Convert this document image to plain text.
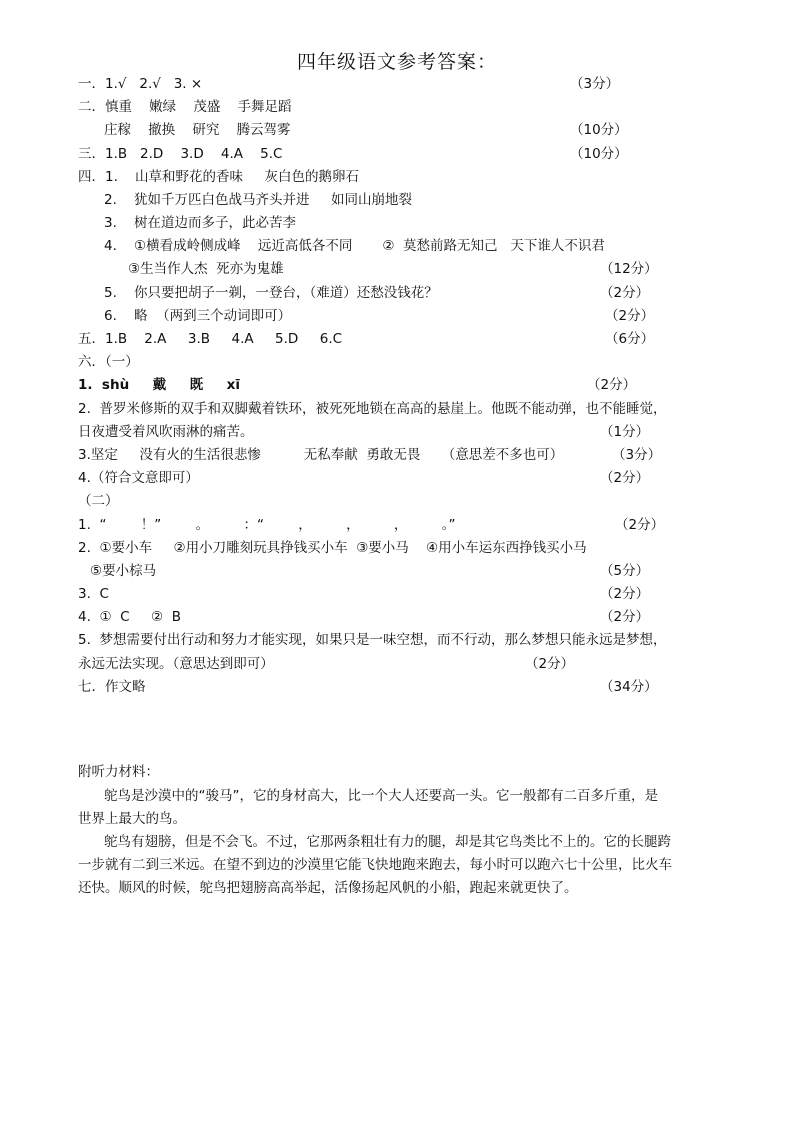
四年级语文参考答案：
一．1.√   2.√   3. ×	（3分）
二．慎重    嫩绿    茂盛    手舞足蹈
庄稼    撤换    研究    腾云驾雾	（10分）
三．1.B   2.D    3.D    4.A    5.C	（10分）
四．1.    山草和野花的香味     灰白色的鹅卵石
2.    犹如千万匹白色战马齐头并进     如同山崩地裂
3.    树在道边而多子，此必苦李
4.    ①横看成岭侧成峰    远近高低各不同       ②  莫愁前路无知己   天下谁人不识君
③生当作人杰  死亦为鬼雄	（12分）
5.    你只要把胡子一剃，一登台，（难道）还愁没钱花？	（2分）
6.    略  （两到三个动词即可）	（2分）
五．1.B    2.A     3.B     4.A     5.D     6.C	（6分）
六．（一）
1.  shù     戴     既     xī	（2分）
2.  普罗米修斯的双手和双脚戴着铁环，被死死地锁在高高的悬崖上。他既不能动弹，也不能睡觉，
日夜遭受着风吹雨淋的痛苦。	（1分）
3.坚定     没有火的生活很悲惨          无私奉献  勇敢无畏     （意思差不多也可）	（3分）
4.（符合文意即可）	（2分）
（二）
1.  “        ！”        。        ：“        ，        ，        ，        。”	（2分）
2.  ①要小车     ②用小刀雕刻玩具挣钱买小车  ③要小马    ④用小车运东西挣钱买小马
⑤要小棕马	（5分）
3.  C	（2分）
4.  ①  C     ②  B	（2分）
5.  梦想需要付出行动和努力才能实现，如果只是一味空想，而不行动，那么梦想只能永远是梦想，
永远无法实现。（意思达到即可）	（2分）
七．作文略	（34分）
附听力材料：
鸵鸟是沙漠中的“骏马”，它的身材高大，比一个大人还要高一头。它一般都有二百多斤重，是
世界上最大的鸟。
鸵鸟有翅膀，但是不会飞。不过，它那两条粗壮有力的腿，却是其它鸟类比不上的。它的长腿跨
一步就有二到三米远。在望不到边的沙漠里它能飞快地跑来跑去，每小时可以跑六七十公里，比火车
还快。顺风的时候，鸵鸟把翅膀高高举起，活像扬起风帆的小船，跑起来就更快了。
